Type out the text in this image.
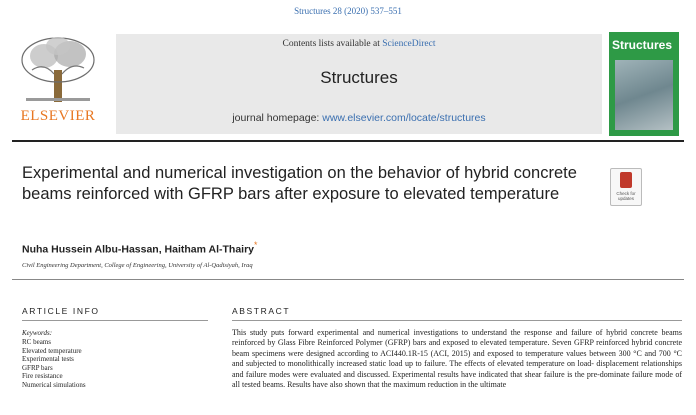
Structures 28 (2020) 537–551
ELSEVIER
Contents lists available at ScienceDirect
Structures
journal homepage: www.elsevier.com/locate/structures
Structures
Experimental and numerical investigation on the behavior of hybrid concrete beams reinforced with GFRP bars after exposure to elevated temperature	Check for updates
Nuha Hussein Albu-Hassan, Haitham Al-Thairy*
Civil Engineering Department, College of Engineering, University of Al-Qadisiyah, Iraq
ARTICLE INFO
Keywords:
RC beams
Elevated temperature
Experimental tests
GFRP bars
Fire resistance
Numerical simulations
ABSTRACT
This study puts forward experimental and numerical investigations to understand the response and failure of hybrid concrete beams reinforced by Glass Fibre Reinforced Polymer (GFRP) bars and exposed to elevated temperature. Seven GFRP reinforced hybrid concrete beam specimens were designed according to ACI440.1R-15 (ACI, 2015) and exposed to temperature values between 300 °C and 700 °C and subjected to monolithically increased static load up to failure. The effects of elevated temperature on load- displacement relationships and failure modes were evaluated and discussed. Experimental results have indicated that shear failure is the pre-dominate failure mode of all tested beams. Results have also shown that the maximum reduction in the ultimate
